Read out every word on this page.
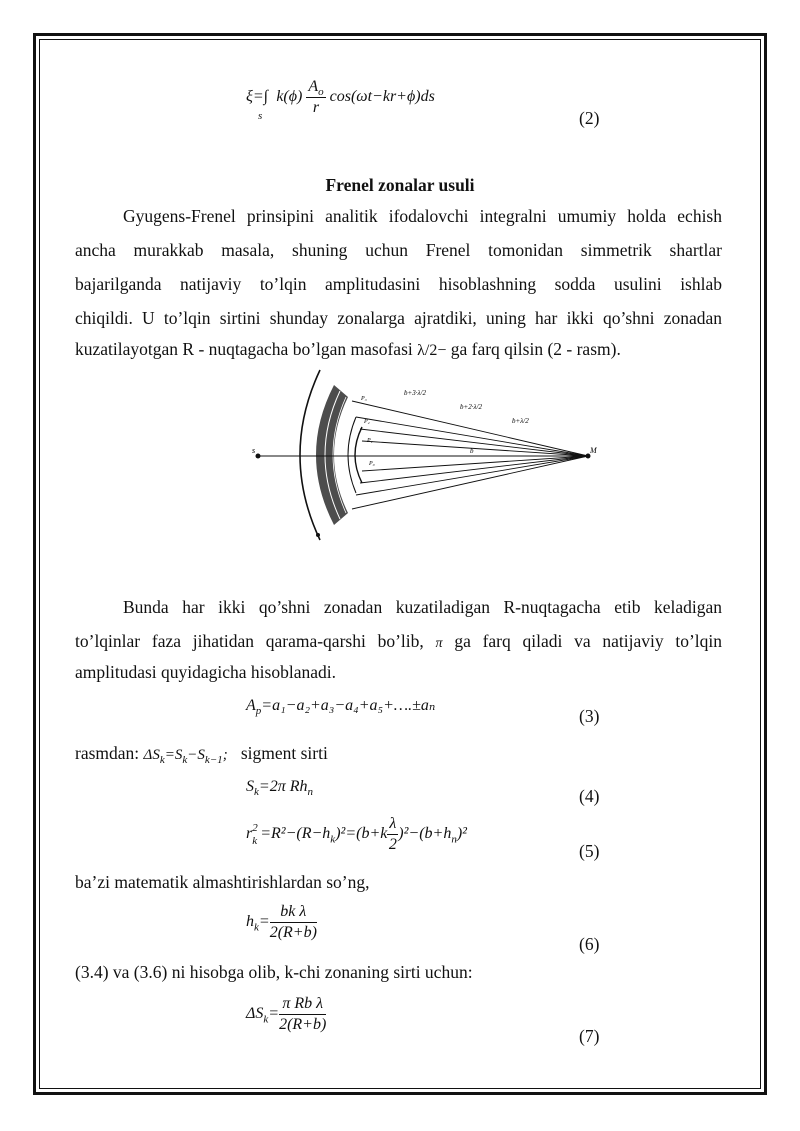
$\xi=\int_s$ $k(\phi) \frac{A_o}{r} \cos(\omega t-kr+\phi)ds$
(2)
Frenel zonalar usuli
Gyugens-Frenel prinsipini analitik ifodalovchi integralni umumiy holda echish
ancha murakkab masala, shuning uchun Frenel tomonidan simmetrik shartlar
bajarilganda natijaviy to’lqin amplitudasini hisoblashning sodda usulini ishlab
chiqildi. U to’lqin sirtini shunday zonalarga ajratdiki, uning har ikki qo’shni zonadan
kuzatilayotgan R - nuqtagacha bo’lgan masofasi λ/2− ga farq qilsin (2 - rasm).
s	M
b
b+λ/2
b+2·λ/2
b+3·λ/2
P₃
P₂
P₁
P₀
Bunda har ikki qo’shni zonadan kuzatiladigan R-nuqtagacha etib keladigan
to’lqinlar faza jihatidan qarama-qarshi bo’lib, π ga farq qiladi va natijaviy to’lqin
amplitudasi quyidagicha hisoblanadi.
$A_p=a_1-a_2+a_3-a_4+a_5+\dots.\pm a_n$
(3)
rasmdan: $\Delta S_k=S_k-S_{k-1}$; sigment sirti
$S_k=2\pi$ $Rh_n$	(4)
r 2
$k =R^2-(R-h_k)^2=(b+k \frac{\lambda}{2} )^2-(b+h_n)^2$
(5)
ba’zi matematik almashtirishlardan so’ng,
$h_k= \frac{\text{bk λ}}{2(R+b)}$
(6)
(3.4) va (3.6) ni hisobga olib, k-chi zonaning sirti uchun:
$\Delta S_k= \frac{\text{π Rb λ}}{2(R+b)}$
(7)
